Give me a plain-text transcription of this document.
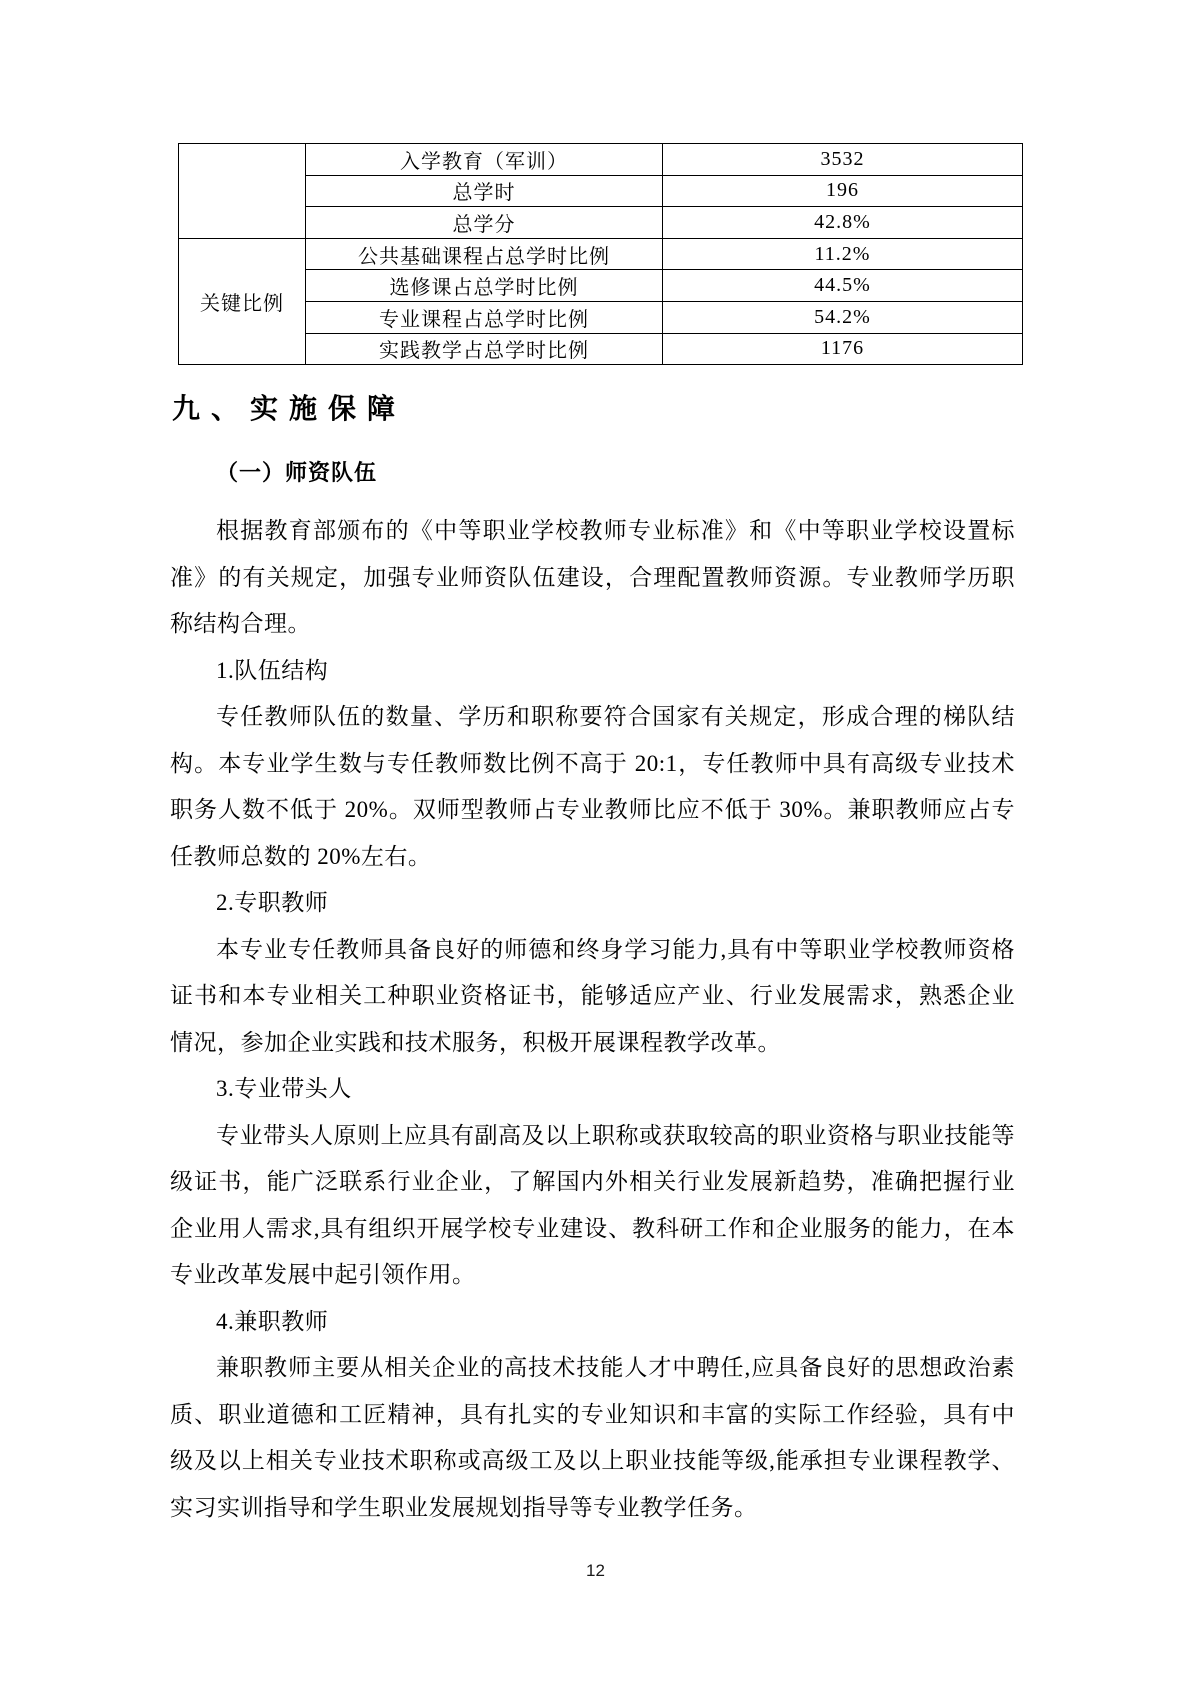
	入学教育（军训）	3532
	总学时	196
	总学分	42.8%
关键比例	公共基础课程占总学时比例	11.2%
	选修课占总学时比例	44.5%
	专业课程占总学时比例	54.2%
	实践教学占总学时比例	1176
九、实施保障
（一）师资队伍

根据教育部颁布的《中等职业学校教师专业标准》和《中等职业学校设置标准》的有关规定，加强专业师资队伍建设，合理配置教师资源。专业教师学历职称结构合理。

1.队伍结构

专任教师队伍的数量、学历和职称要符合国家有关规定，形成合理的梯队结构。本专业学生数与专任教师数比例不高于 20:1，专任教师中具有高级专业技术职务人数不低于 20%。双师型教师占专业教师比应不低于 30%。兼职教师应占专任教师总数的 20%左右。

2.专职教师

本专业专任教师具备良好的师德和终身学习能力,具有中等职业学校教师资格证书和本专业相关工种职业资格证书，能够适应产业、行业发展需求，熟悉企业情况，参加企业实践和技术服务，积极开展课程教学改革。

3.专业带头人

专业带头人原则上应具有副高及以上职称或获取较高的职业资格与职业技能等级证书，能广泛联系行业企业，了解国内外相关行业发展新趋势，准确把握行业企业用人需求,具有组织开展学校专业建设、教科研工作和企业服务的能力，在本专业改革发展中起引领作用。

4.兼职教师

兼职教师主要从相关企业的高技术技能人才中聘任,应具备良好的思想政治素质、职业道德和工匠精神，具有扎实的专业知识和丰富的实际工作经验，具有中级及以上相关专业技术职称或高级工及以上职业技能等级,能承担专业课程教学、实习实训指导和学生职业发展规划指导等专业教学任务。

12
